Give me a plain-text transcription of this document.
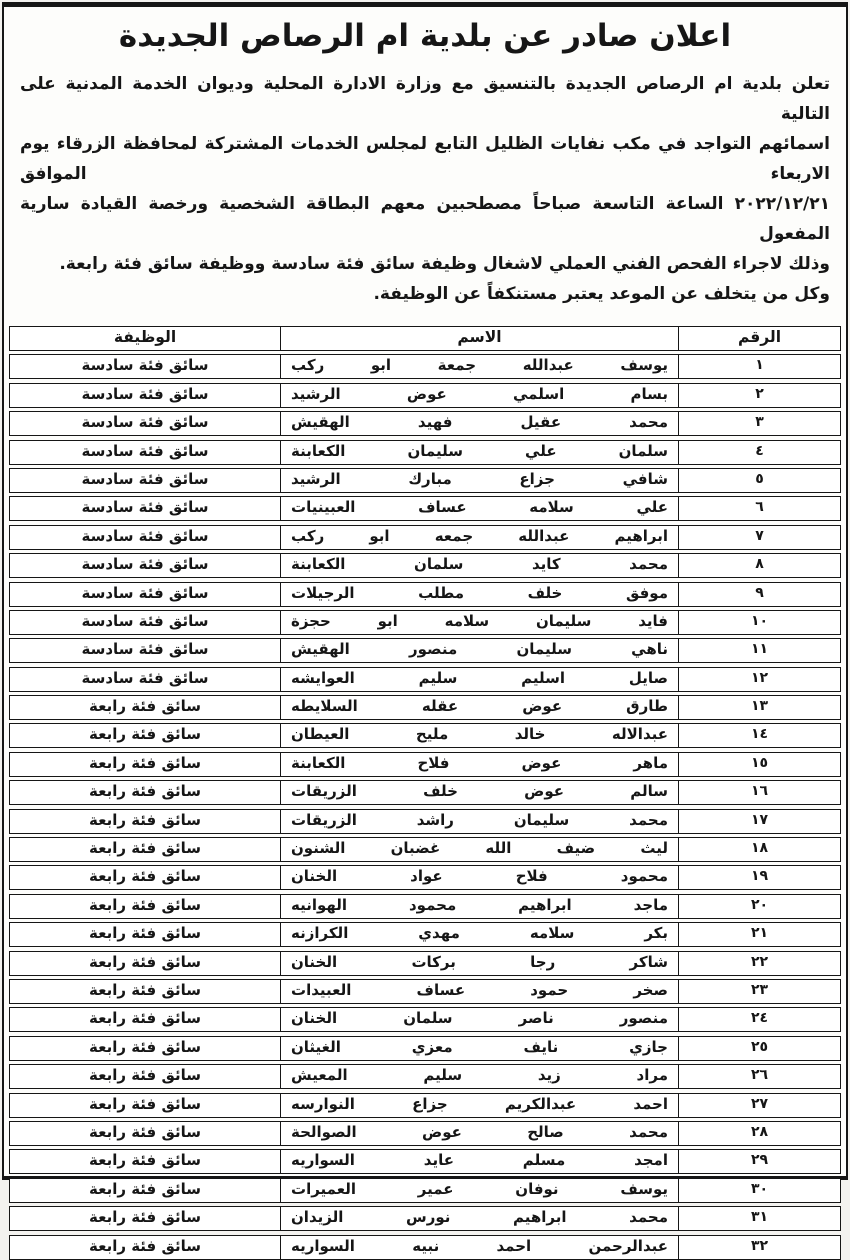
اعلان صادر عن بلدية ام الرصاص الجديدة
تعلن بلدية ام الرصاص الجديدة بالتنسيق مع وزارة الادارة المحلية وديوان الخدمة المدنية على التالية
اسمائهم التواجد في مكب نفايات الظليل التابع لمجلس الخدمات المشتركة لمحافظة الزرقاء يوم الاربعاء الموافق
٢٠٢٢/١٢/٢١ الساعة التاسعة صباحاً مصطحبين معهم البطاقة الشخصية ورخصة القيادة سارية المفعول
وذلك لاجراء الفحص الفني العملي لاشغال وظيفة سائق فئة سادسة ووظيفة سائق فئة رابعة.
وكل من يتخلف عن الموعد يعتبر مستنكفاً عن الوظيفة.
الرقم
الاسم
الوظيفة
١
يوسف عبدالله جمعة ابو ركب
سائق فئة سادسة
٢
بسام اسلمي عوض الرشيد
سائق فئة سادسة
٣
محمد عقيل فهيد الهقيش
سائق فئة سادسة
٤
سلمان علي سليمان الكعابنة
سائق فئة سادسة
٥
شافي جزاع مبارك الرشيد
سائق فئة سادسة
٦
علي سلامه عساف العبينيات
سائق فئة سادسة
٧
ابراهيم عبدالله جمعه ابو ركب
سائق فئة سادسة
٨
محمد كايد سلمان الكعابنة
سائق فئة سادسة
٩
موفق خلف مطلب الرجيلات
سائق فئة سادسة
١٠
فايد سليمان سلامه ابو حجزة
سائق فئة سادسة
١١
ناهي سليمان منصور الهقيش
سائق فئة سادسة
١٢
صايل اسليم سليم العوايشه
سائق فئة سادسة
١٣
طارق عوض عقله السلايطه
سائق فئة رابعة
١٤
عبدالاله خالد مليح العيطان
سائق فئة رابعة
١٥
ماهر عوض فلاح الكعابنة
سائق فئة رابعة
١٦
سالم عوض خلف الزريقات
سائق فئة رابعة
١٧
محمد سليمان راشد الزريقات
سائق فئة رابعة
١٨
ليث ضيف الله غضبان الشنون
سائق فئة رابعة
١٩
محمود فلاح عواد الخنان
سائق فئة رابعة
٢٠
ماجد ابراهيم محمود الهوانيه
سائق فئة رابعة
٢١
بكر سلامه مهدي الكرازنه
سائق فئة رابعة
٢٢
شاكر رجا بركات الخنان
سائق فئة رابعة
٢٣
صخر حمود عساف العبيدات
سائق فئة رابعة
٢٤
منصور ناصر سلمان الخنان
سائق فئة رابعة
٢٥
جازي نايف معزي الغيثان
سائق فئة رابعة
٢٦
مراد زيد سليم المعيش
سائق فئة رابعة
٢٧
احمد عبدالكريم جزاع النوارسه
سائق فئة رابعة
٢٨
محمد صالح عوض الصوالحة
سائق فئة رابعة
٢٩
امجد مسلم عايد السواريه
سائق فئة رابعة
٣٠
يوسف نوفان عمير العميرات
سائق فئة رابعة
٣١
محمد ابراهيم نورس الزيدان
سائق فئة رابعة
٣٢
عبدالرحمن احمد نبيه السواريه
سائق فئة رابعة
